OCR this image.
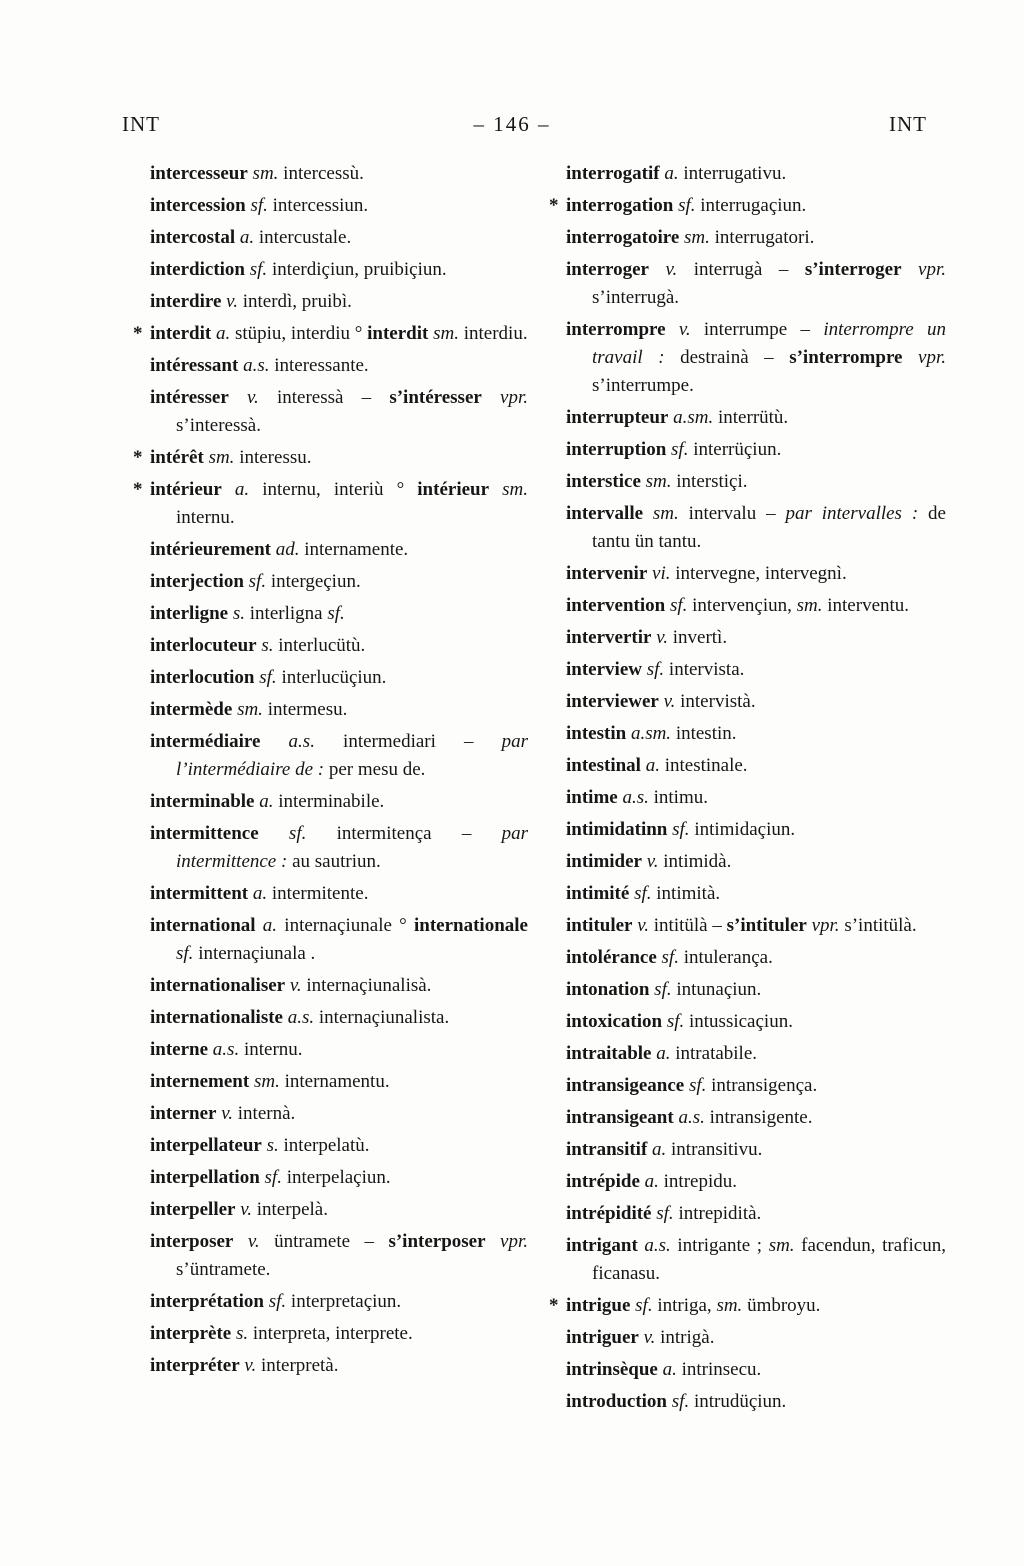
INT	– 146 –	INT

intercesseur sm. intercessù.

intercession sf. intercessiun.

intercostal a. intercustale.

interdiction sf. interdiçiun, pruibiçiun.

interdire v. interdì, pruibì.

* interdit a. stüpiu, interdiu ° interdit sm. interdiu.

intéressant a.s. interessante.

intéresser v. interessà – s’intéresser vpr. s’interessà.

* intérêt sm. interessu.

* intérieur a. internu, interiù ° intérieur sm. internu.

intérieurement ad. internamente.

interjection sf. intergeçiun.

interligne s. interligna sf.

interlocuteur s. interlucütù.

interlocution sf. interlucüçiun.

intermède sm. intermesu.

intermédiaire a.s. intermediari – par l’intermédiaire de : per mesu de.

interminable a. interminabile.

intermittence sf. intermitença – par intermittence : au sautriun.

intermittent a. intermitente.

international a. internaçiunale ° internationale sf. internaçiunala .

internationaliser v. internaçiunalisà.

internationaliste a.s. internaçiunalista.

interne a.s. internu.

internement sm. internamentu.

interner v. internà.

interpellateur s. interpelatù.

interpellation sf. interpelaçiun.

interpeller v. interpelà.

interposer v. üntramete – s’interposer vpr. s’üntramete.

interprétation sf. interpretaçiun.

interprète s. interpreta, interprete.

interpréter v. interpretà.

interrogatif a. interrugativu.

* interrogation sf. interrugaçiun.

interrogatoire sm. interrugatori.

interroger v. interrugà – s’interroger vpr. s’interrugà.

interrompre v. interrumpe – interrompre un travail : destrainà – s’interrompre vpr. s’interrumpe.

interrupteur a.sm. interrütù.

interruption sf. interrüçiun.

interstice sm. interstiçi.

intervalle sm. intervalu – par intervalles : de tantu ün tantu.

intervenir vi. intervegne, intervegnì.

intervention sf. intervençiun, sm. interventu.

intervertir v. invertì.

interview sf. intervista.

interviewer v. intervistà.

intestin a.sm. intestin.

intestinal a. intestinale.

intime a.s. intimu.

intimidatinn sf. intimidaçiun.

intimider v. intimidà.

intimité sf. intimità.

intituler v. intitülà – s’intituler vpr. s’intitülà.

intolérance sf. intulerança.

intonation sf. intunaçiun.

intoxication sf. intussicaçiun.

intraitable a. intratabile.

intransigeance sf. intransigença.

intransigeant a.s. intransigente.

intransitif a. intransitivu.

intrépide a. intrepidu.

intrépidité sf. intrepidità.

intrigant a.s. intrigante ; sm. facendun, traficun, ficanasu.

* intrigue sf. intriga, sm. ümbroyu.

intriguer v. intrigà.

intrinsèque a. intrinsecu.

introduction sf. intrudüçiun.
